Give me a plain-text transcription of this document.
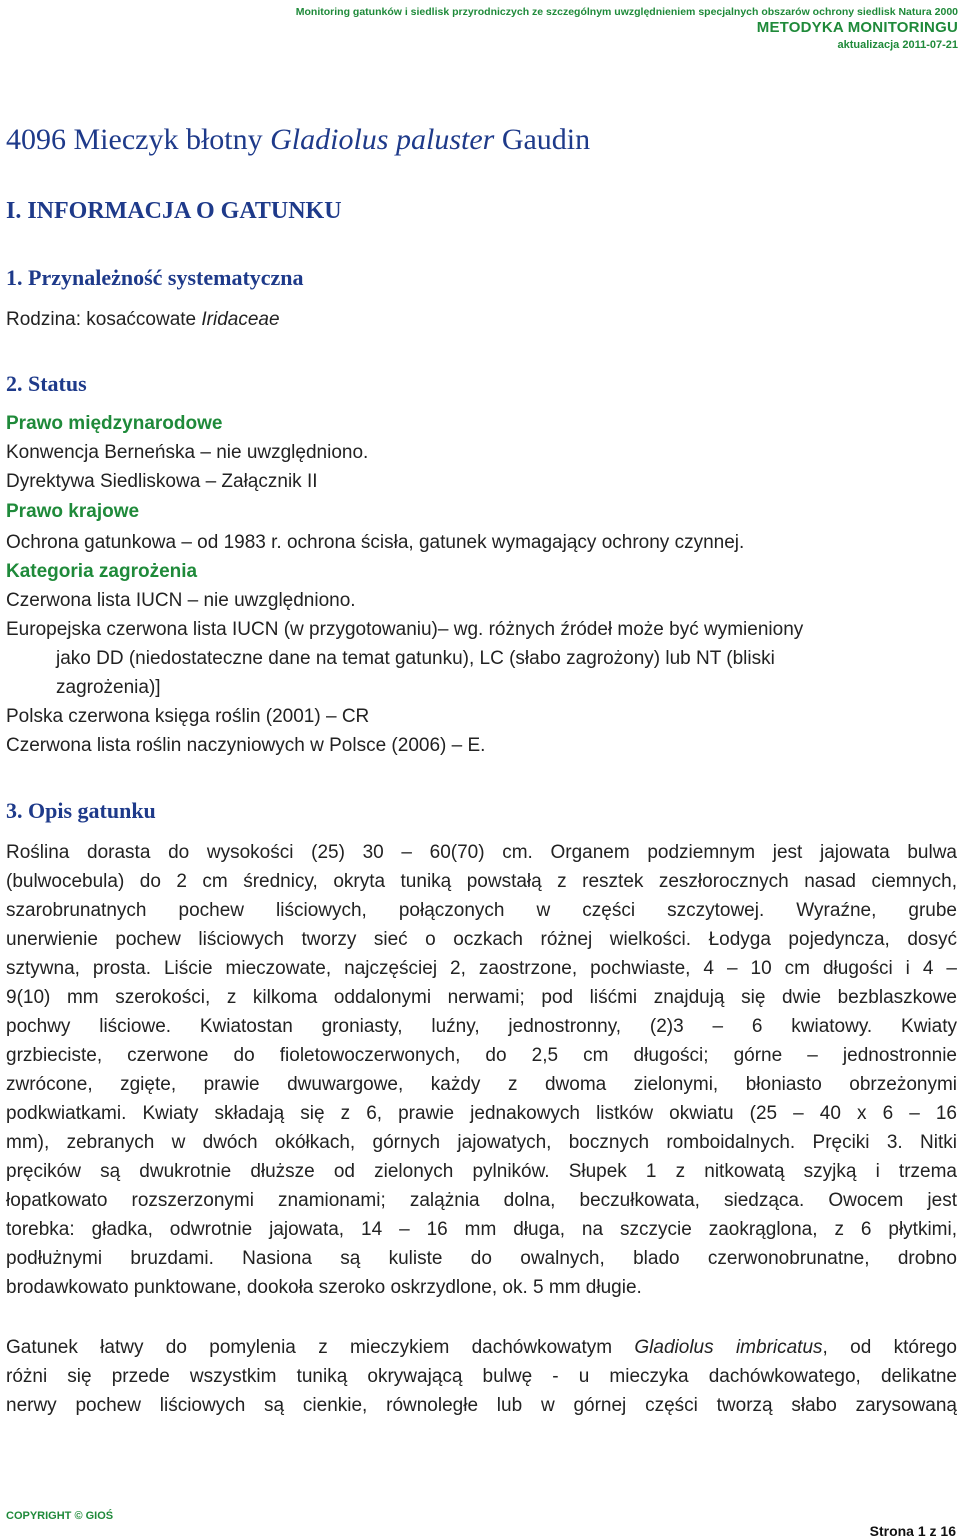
Monitoring gatunków i siedlisk przyrodniczych ze szczególnym uwzględnieniem specjalnych obszarów ochrony siedlisk Natura 2000
METODYKA MONITORINGU
aktualizacja 2011-07-21
4096 Mieczyk błotny Gladiolus paluster Gaudin
I. INFORMACJA O GATUNKU
1. Przynależność systematyczna
Rodzina: kosaćcowate Iridaceae
2. Status
Prawo międzynarodowe
Konwencja Berneńska – nie uwzględniono.
Dyrektywa Siedliskowa – Załącznik II
Prawo krajowe
Ochrona gatunkowa – od 1983 r. ochrona ścisła, gatunek wymagający ochrony czynnej.
Kategoria zagrożenia
Czerwona lista IUCN – nie uwzględniono.
Europejska czerwona lista IUCN (w przygotowaniu)– wg. różnych źródeł może być wymieniony
jako DD (niedostateczne dane na temat gatunku), LC (słabo zagrożony) lub NT (bliski
zagrożenia)]
Polska czerwona księga roślin (2001) – CR
Czerwona lista roślin naczyniowych w Polsce (2006) – E.
3. Opis gatunku
Roślina dorasta do wysokości (25) 30 – 60(70) cm. Organem podziemnym jest jajowata bulwa
(bulwocebula) do 2 cm średnicy, okryta tuniką powstałą z resztek zeszłorocznych nasad ciemnych,
szarobrunatnych pochew liściowych, połączonych w części szczytowej. Wyraźne, grube
unerwienie pochew liściowych tworzy sieć o oczkach różnej wielkości. Łodyga pojedyncza, dosyć
sztywna, prosta. Liście mieczowate, najczęściej 2, zaostrzone, pochwiaste, 4 – 10 cm długości i 4 –
9(10) mm szerokości, z kilkoma oddalonymi nerwami; pod liśćmi znajdują się dwie bezblaszkowe
pochwy liściowe. Kwiatostan groniasty, luźny, jednostronny, (2)3 – 6 kwiatowy. Kwiaty
grzbieciste, czerwone do fioletowoczerwonych, do 2,5 cm długości; górne – jednostronnie
zwrócone, zgięte, prawie dwuwargowe, każdy z dwoma zielonymi, błoniasto obrzeżonymi
podkwiatkami. Kwiaty składają się z 6, prawie jednakowych listków okwiatu (25 – 40 x 6 – 16
mm), zebranych w dwóch okółkach, górnych jajowatych, bocznych romboidalnych. Pręciki 3. Nitki
pręcików są dwukrotnie dłuższe od zielonych pylników. Słupek 1 z nitkowatą szyjką i trzema
łopatkowato rozszerzonymi znamionami; zalążnia dolna, beczułkowata, siedząca. Owocem jest
torebka: gładka, odwrotnie jajowata, 14 – 16 mm długa, na szczycie zaokrąglona, z 6 płytkimi,
podłużnymi bruzdami. Nasiona są kuliste do owalnych, blado czerwonobrunatne, drobno
brodawkowato punktowane, dookoła szeroko oskrzydlone, ok. 5 mm długie.
Gatunek łatwy do pomylenia z mieczykiem dachówkowatym Gladiolus imbricatus, od którego
różni się przede wszystkim tuniką okrywającą bulwę - u mieczyka dachówkowatego, delikatne
nerwy pochew liściowych są cienkie, równoległe lub w górnej części tworzą słabo zarysowaną
COPYRIGHT © GIOŚ
Strona 1 z 16
